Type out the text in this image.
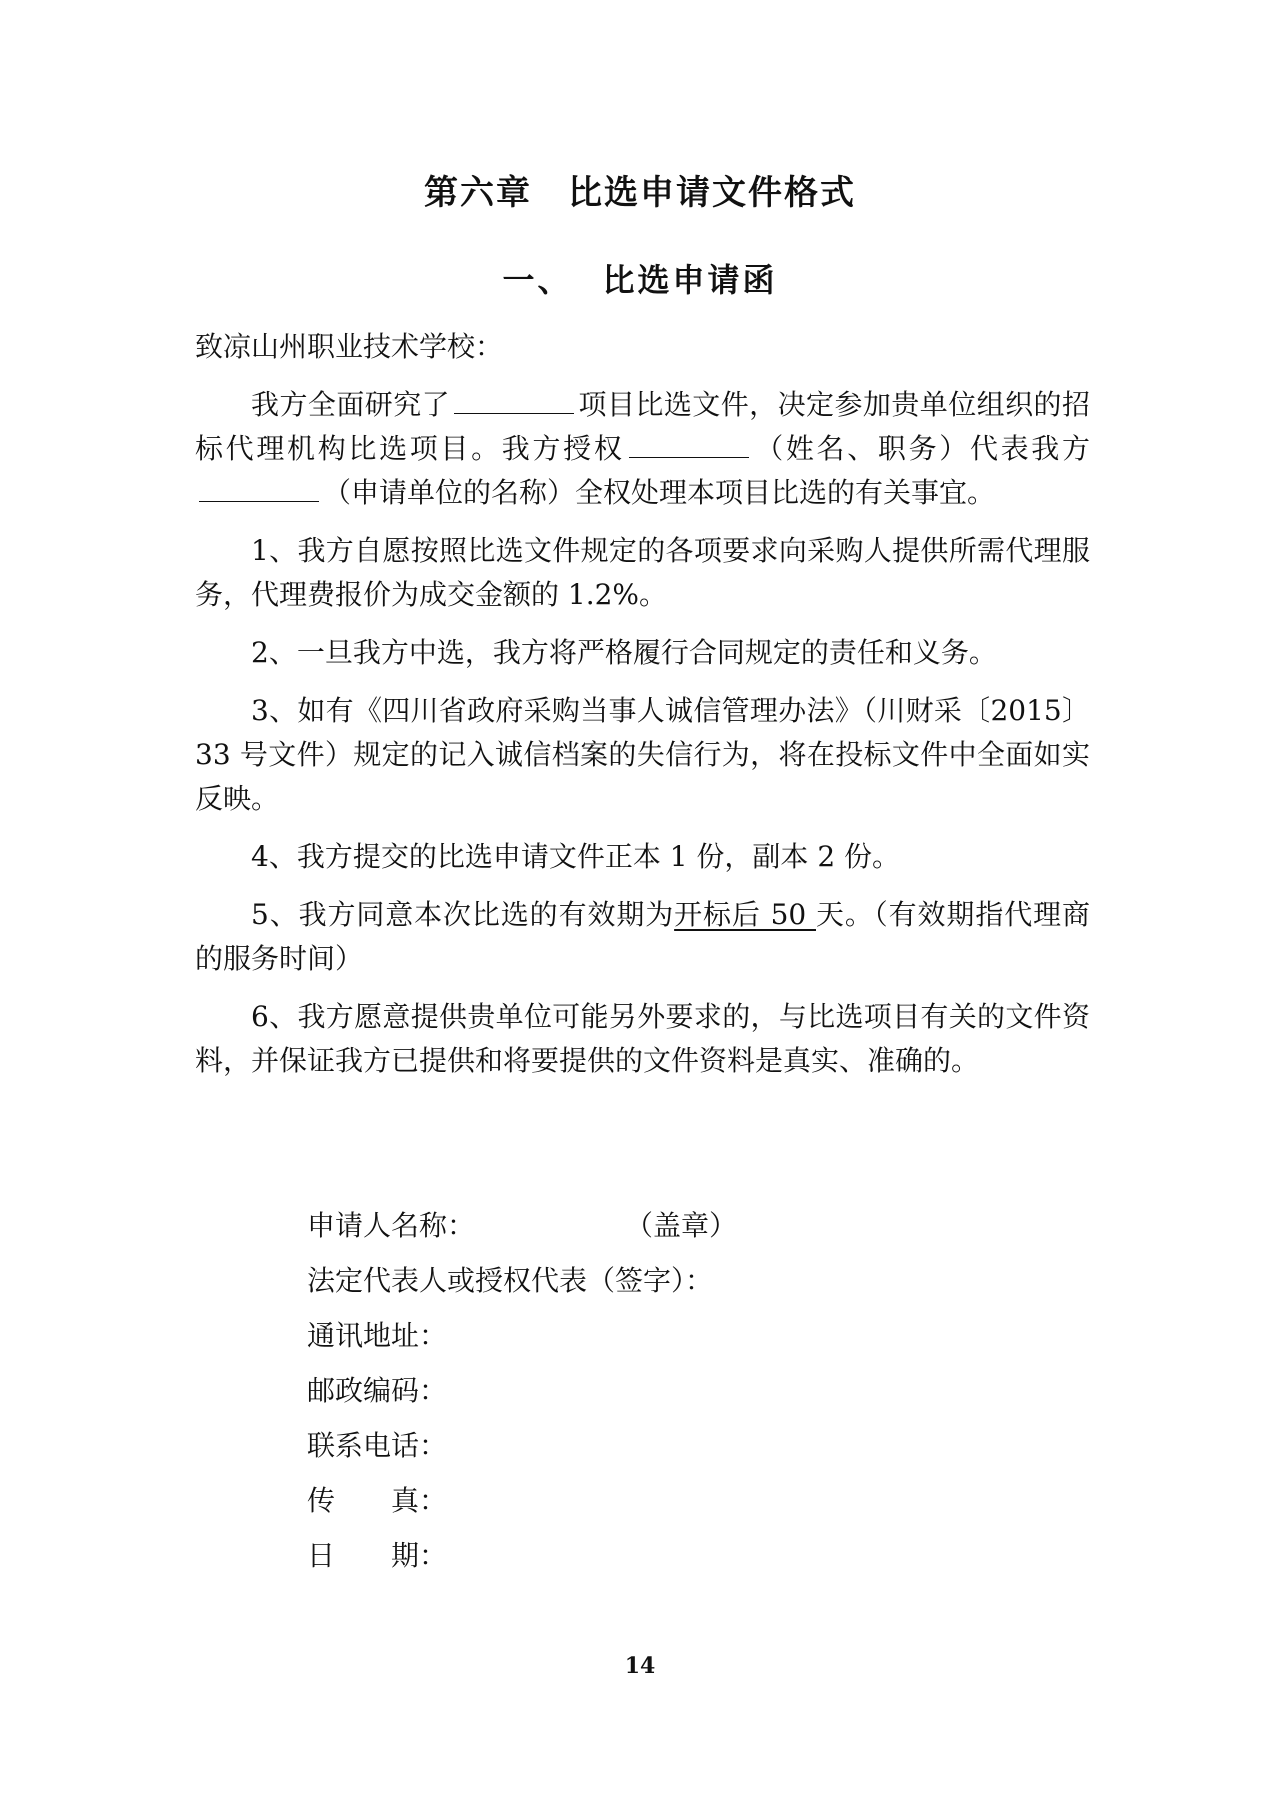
第六章 比选申请文件格式
一、 比选申请函

致凉山州职业技术学校：

我方全面研究了	项目比选文件，决定参加贵单位组织的招标代理机构比选项目。我方授权	（姓名、职务）代表我方（申请单位的名称）全权处理本项目比选的有关事宜。

1、我方自愿按照比选文件规定的各项要求向采购人提供所需代理服务，代理费报价为成交金额的 1.2%。

2、一旦我方中选，我方将严格履行合同规定的责任和义务。

3、如有《四川省政府采购当事人诚信管理办法》（川财采〔2015〕33 号文件）规定的记入诚信档案的失信行为，将在投标文件中全面如实反映。

4、我方提交的比选申请文件正本 1 份，副本 2 份。

5、我方同意本次比选的有效期为开标后 50 天。（有效期指代理商的服务时间）

6、我方愿意提供贵单位可能另外要求的，与比选项目有关的文件资料，并保证我方已提供和将要提供的文件资料是真实、准确的。

申请人名称：	（盖章）
法定代表人或授权代表（签字）：
通讯地址：
邮政编码：
联系电话：
传　　真：
日　　期：
14
